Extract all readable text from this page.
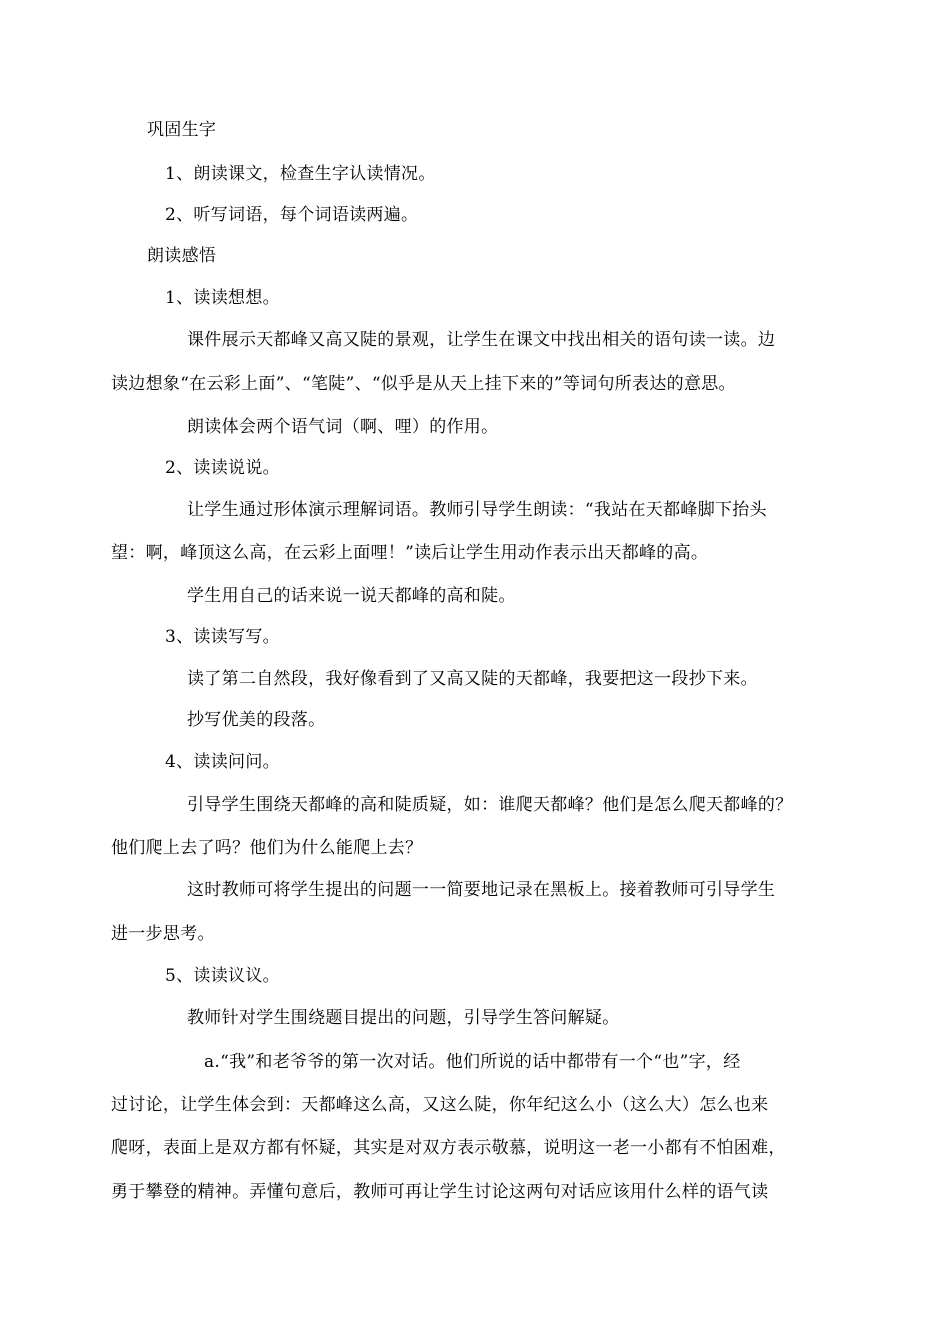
巩固生字
1、朗读课文，检查生字认读情况。
2、听写词语，每个词语读两遍。
朗读感悟
1、读读想想。
课件展示天都峰又高又陡的景观，让学生在课文中找出相关的语句读一读。边
读边想象“在云彩上面”、“笔陡”、“似乎是从天上挂下来的”等词句所表达的意思。
朗读体会两个语气词（啊、哩）的作用。
2、读读说说。
让学生通过形体演示理解词语。教师引导学生朗读：“我站在天都峰脚下抬头
望：啊，峰顶这么高，在云彩上面哩！”读后让学生用动作表示出天都峰的高。
学生用自己的话来说一说天都峰的高和陡。
3、读读写写。
读了第二自然段，我好像看到了又高又陡的天都峰，我要把这一段抄下来。
抄写优美的段落。
4、读读问问。
引导学生围绕天都峰的高和陡质疑，如：谁爬天都峰？他们是怎么爬天都峰的？
他们爬上去了吗？他们为什么能爬上去？
这时教师可将学生提出的问题一一简要地记录在黑板上。接着教师可引导学生
进一步思考。
5、读读议议。
教师针对学生围绕题目提出的问题，引导学生答问解疑。
a.“我”和老爷爷的第一次对话。他们所说的话中都带有一个“也”字，经
过讨论，让学生体会到：天都峰这么高，又这么陡，你年纪这么小（这么大）怎么也来
爬呀，表面上是双方都有怀疑，其实是对双方表示敬慕，说明这一老一小都有不怕困难，
勇于攀登的精神。弄懂句意后，教师可再让学生讨论这两句对话应该用什么样的语气读
